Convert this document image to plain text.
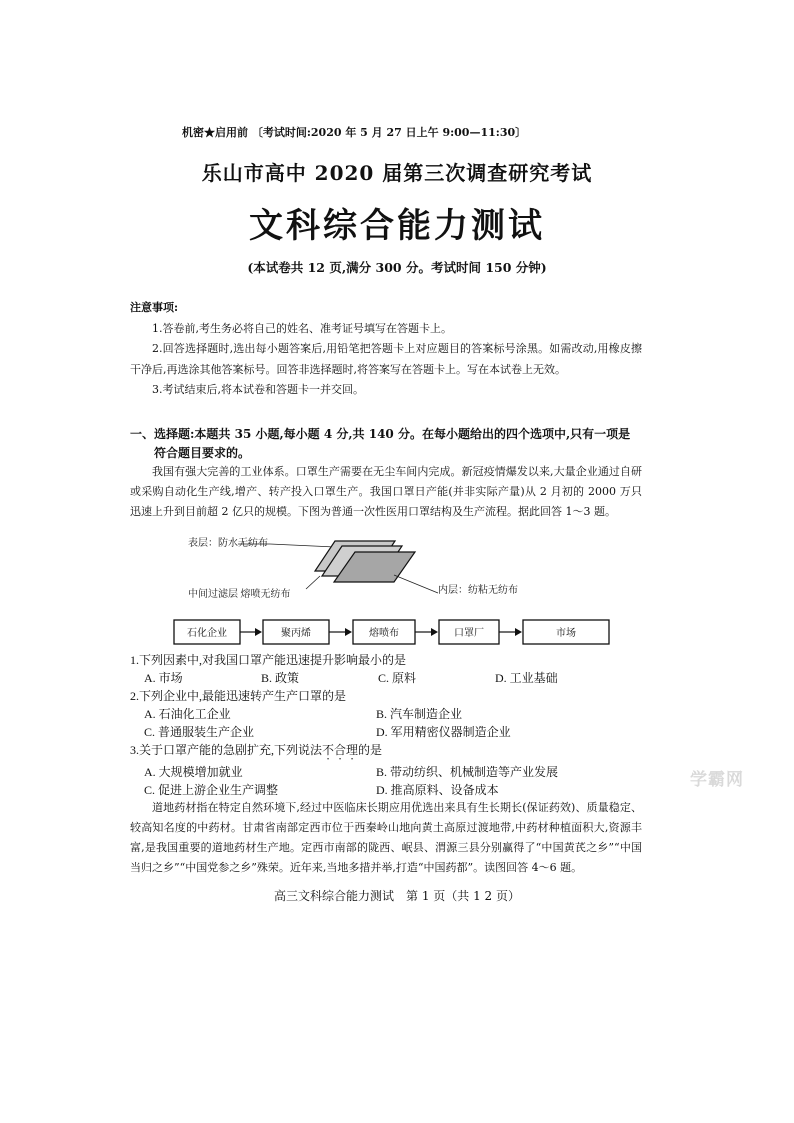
机密★启用前 〔考试时间:2020 年 5 月 27 日上午 9:00—11:30〕
乐山市高中 2020 届第三次调查研究考试
文科综合能力测试
(本试卷共 12 页,满分 300 分。考试时间 150 分钟)
注意事项:

1.答卷前,考生务必将自己的姓名、准考证号填写在答题卡上。

2.回答选择题时,选出每小题答案后,用铅笔把答题卡上对应题目的答案标号涂黑。如需改动,用橡皮擦干净后,再选涂其他答案标号。回答非选择题时,将答案写在答题卡上。写在本试卷上无效。

3.考试结束后,将本试卷和答题卡一并交回。

一、选择题:本题共 35 小题,每小题 4 分,共 140 分。在每小题给出的四个选项中,只有一项是

符合题目要求的。

我国有强大完善的工业体系。口罩生产需要在无尘车间内完成。新冠疫情爆发以来,大量企业通过自研或采购自动化生产线,增产、转产投入口罩生产。我国口罩日产能(并非实际产量)从 2 月初的 2000 万只迅速上升到目前超 2 亿只的规模。下图为普通一次性医用口罩结构及生产流程。据此回答 1～3 题。

表层：防水无纺布
中间过滤层 熔喷无纺布	内层：纺粘无纺布
石化企业	聚丙烯	熔喷布	口罩厂	市场

1.下列因素中,对我国口罩产能迅速提升影响最小的是

A. 市场	B. 政策	C. 原料	D. 工业基础

2.下列企业中,最能迅速转产生产口罩的是

A. 石油化工企业	B. 汽车制造企业
C. 普通服装生产企业	D. 军用精密仪器制造企业

3.关于口罩产能的急剧扩充,下列说法不合理的是

A. 大规模增加就业	B. 带动纺织、机械制造等产业发展
C. 促进上游企业生产调整	D. 推高原料、设备成本	学霸网

道地药材指在特定自然环境下,经过中医临床长期应用优选出来具有生长期长(保证药效)、质量稳定、较高知名度的中药材。甘肃省南部定西市位于西秦岭山地向黄土高原过渡地带,中药材种植面积大,资源丰富,是我国重要的道地药材生产地。定西市南部的陇西、岷县、渭源三县分别赢得了“中国黄芪之乡”“中国当归之乡”“中国党参之乡”殊荣。近年来,当地多措并举,打造“中国药都”。读图回答 4～6 题。

高三文科综合能力测试　第 1 页（共 1 2 页）
